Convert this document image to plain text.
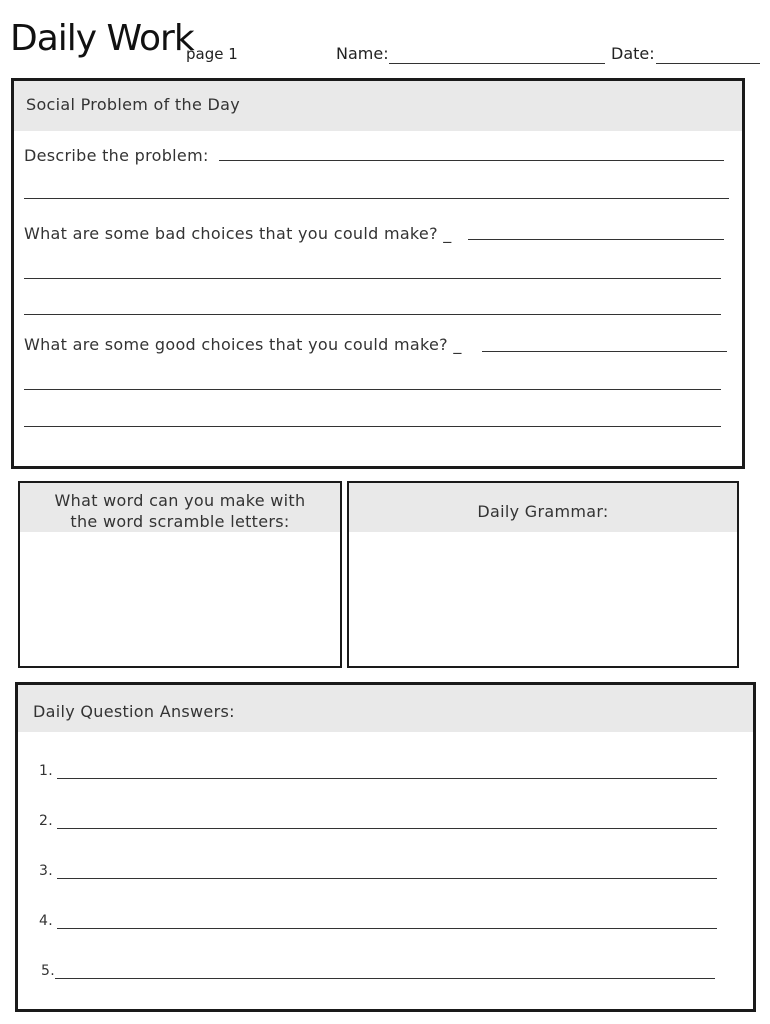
Daily Work
page 1	Name:	Date:
Social Problem of the Day
Describe the problem:
What are some bad choices that you could make? _
What are some good choices that you could make? _
What word can you make with
the word scramble letters:
Daily Grammar:
Daily Question Answers:
1.
2.
3.
4.
5.
